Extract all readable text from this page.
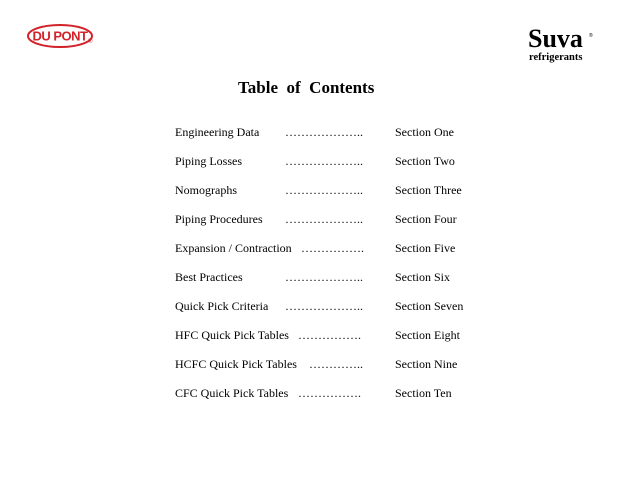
DU PONT ®	Suva ®
refrigerants
Table  of  Contents
Engineering Data ………………..	Section One
Piping Losses	………………..	Section Two
Nomographs	………………..	Section Three
Piping Procedures ………………..	Section Four
Expansion / Contraction …………….	Section Five
Best Practices	………………..	Section Six
Quick Pick Criteria ………………..	Section Seven
HFC Quick Pick Tables …………….	Section Eight
HCFC Quick Pick Tables …………..	Section Nine
CFC Quick Pick Tables …………….	Section Ten
